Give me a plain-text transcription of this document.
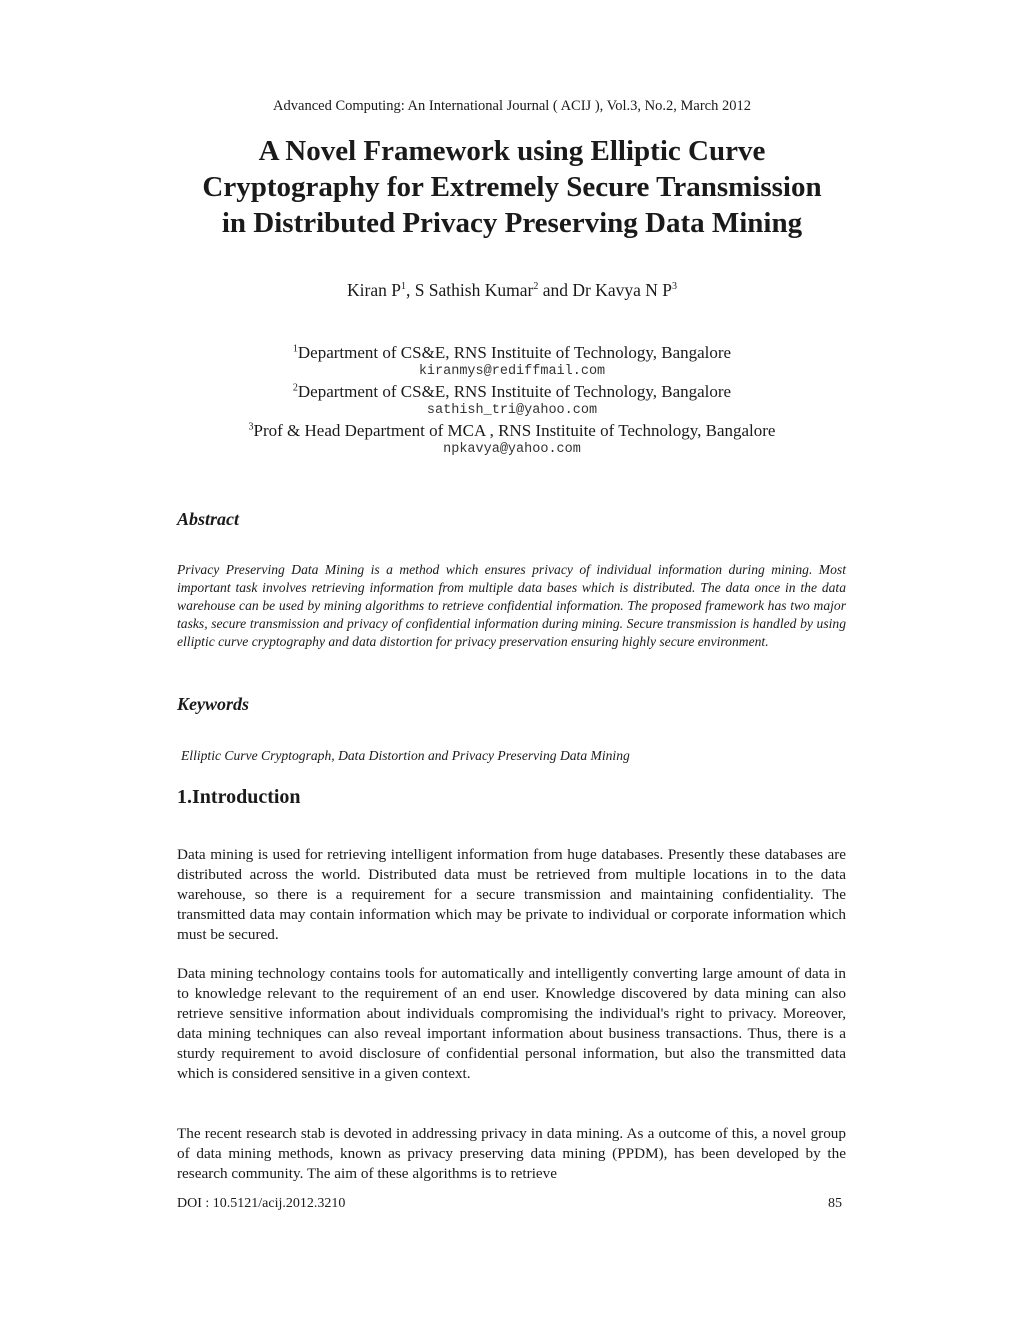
Advanced Computing: An International Journal ( ACIJ ), Vol.3, No.2, March 2012
A Novel Framework using Elliptic Curve
Cryptography for Extremely Secure Transmission
in Distributed Privacy Preserving Data Mining
Kiran $P^1$, S Sathish Kumar$^2$ and Dr Kavya N $P^3$
$^1$Department of CS&E, RNS Instituite of Technology, Bangalore
kiranmys@rediffmail.com
$^2$Department of CS&E, RNS Instituite of Technology, Bangalore
sathish_tri@yahoo.com
$^3$Prof & Head Department of MCA , RNS Instituite of Technology, Bangalore
npkavya@yahoo.com
Abstract

Privacy Preserving Data Mining is a method which ensures privacy of individual information during mining. Most important task involves retrieving information from multiple data bases which is distributed. The data once in the data warehouse can be used by mining algorithms to retrieve confidential information. The proposed framework has two major tasks, secure transmission and privacy of confidential information during mining. Secure transmission is handled by using elliptic curve cryptography and data distortion for privacy preservation ensuring highly secure environment.

Keywords

Elliptic Curve Cryptograph, Data Distortion and Privacy Preserving Data Mining

1.Introduction

Data mining is used for retrieving intelligent information from huge databases. Presently these databases are distributed across the world. Distributed data must be retrieved from multiple locations in to the data warehouse, so there is a requirement for a secure transmission and maintaining confidentiality. The transmitted data may contain information which may be private to individual or corporate information which must be secured.

Data mining technology contains tools for automatically and intelligently converting large amount of data in to knowledge relevant to the requirement of an end user. Knowledge discovered by data mining can also retrieve sensitive information about individuals compromising the individual's right to privacy. Moreover, data mining techniques can also reveal important information about business transactions. Thus, there is a sturdy requirement to avoid disclosure of confidential personal information, but also the transmitted data which is considered sensitive in a given context.

The recent research stab is devoted in addressing privacy in data mining. As a outcome of this, a novel group of data mining methods, known as privacy preserving data mining (PPDM), has been developed by the research community. The aim of these algorithms is to retrieve

DOI : 10.5121/acij.2012.3210	85
